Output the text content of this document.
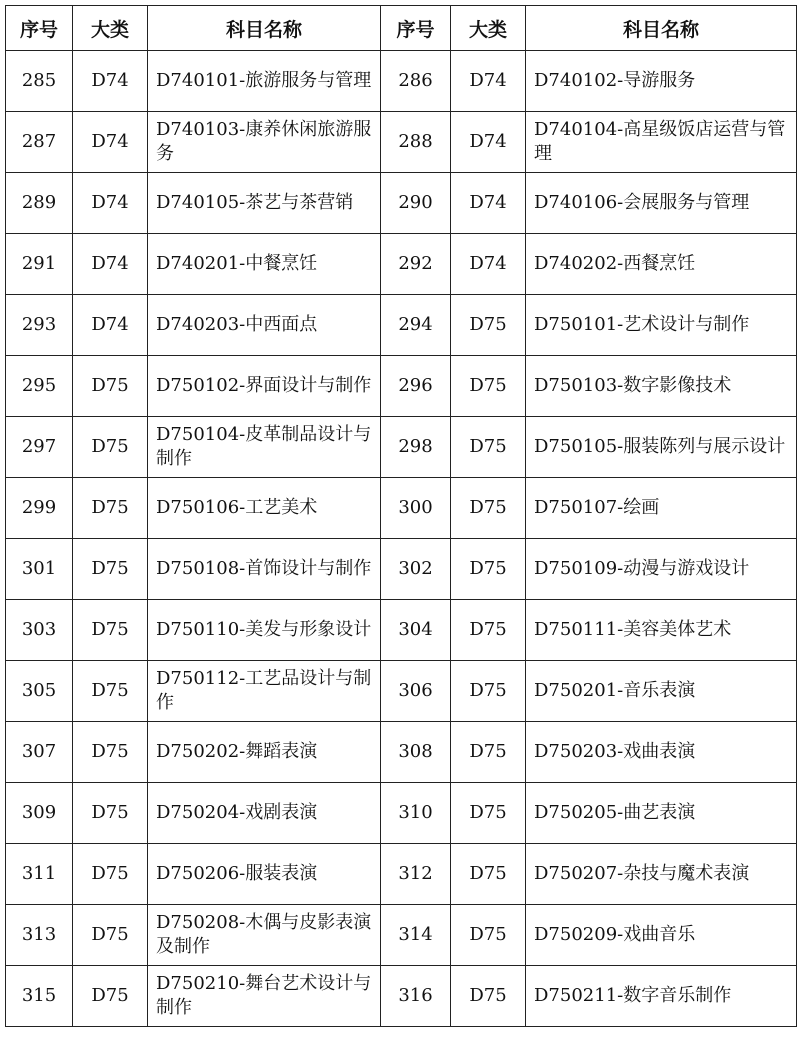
序号	大类	科目名称	序号	大类	科目名称
285	D74	D740101-旅游服务与管理	286	D74	D740102-导游服务
287	D74	D740103-康养休闲旅游服务	288	D74	D740104-高星级饭店运营与管理
289	D74	D740105-茶艺与茶营销	290	D74	D740106-会展服务与管理
291	D74	D740201-中餐烹饪	292	D74	D740202-西餐烹饪
293	D74	D740203-中西面点	294	D75	D750101-艺术设计与制作
295	D75	D750102-界面设计与制作	296	D75	D750103-数字影像技术
297	D75	D750104-皮革制品设计与制作	298	D75	D750105-服装陈列与展示设计
299	D75	D750106-工艺美术	300	D75	D750107-绘画
301	D75	D750108-首饰设计与制作	302	D75	D750109-动漫与游戏设计
303	D75	D750110-美发与形象设计	304	D75	D750111-美容美体艺术
305	D75	D750112-工艺品设计与制作	306	D75	D750201-音乐表演
307	D75	D750202-舞蹈表演	308	D75	D750203-戏曲表演
309	D75	D750204-戏剧表演	310	D75	D750205-曲艺表演
311	D75	D750206-服装表演	312	D75	D750207-杂技与魔术表演
313	D75	D750208-木偶与皮影表演及制作	314	D75	D750209-戏曲音乐
315	D75	D750210-舞台艺术设计与制作	316	D75	D750211-数字音乐制作
